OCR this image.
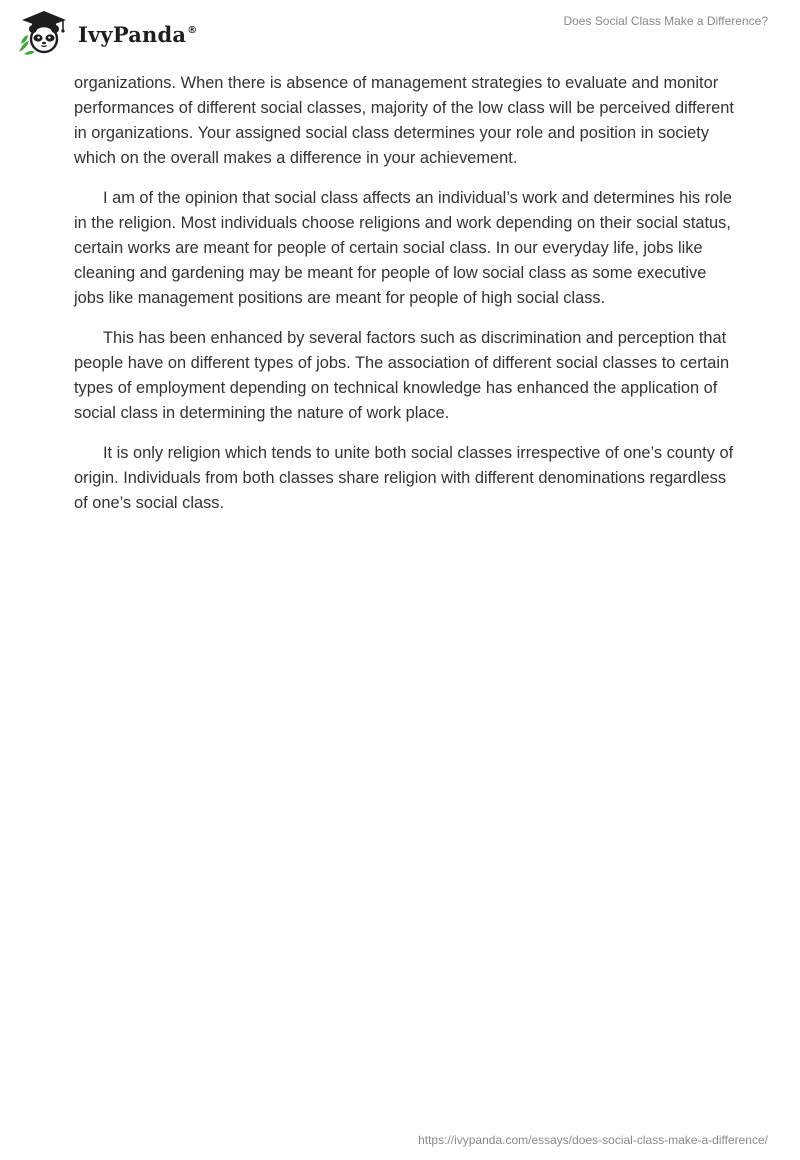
IvyPanda®
Does Social Class Make a Difference?

organizations. When there is absence of management strategies to evaluate and monitor performances of different social classes, majority of the low class will be perceived different in organizations. Your assigned social class determines your role and position in society which on the overall makes a difference in your achievement.

I am of the opinion that social class affects an individual’s work and determines his role in the religion. Most individuals choose religions and work depending on their social status, certain works are meant for people of certain social class. In our everyday life, jobs like cleaning and gardening may be meant for people of low social class as some executive jobs like management positions are meant for people of high social class.

This has been enhanced by several factors such as discrimination and perception that people have on different types of jobs. The association of different social classes to certain types of employment depending on technical knowledge has enhanced the application of social class in determining the nature of work place.

It is only religion which tends to unite both social classes irrespective of one’s county of origin. Individuals from both classes share religion with different denominations regardless of one’s social class.

https://ivypanda.com/essays/does-social-class-make-a-difference/
